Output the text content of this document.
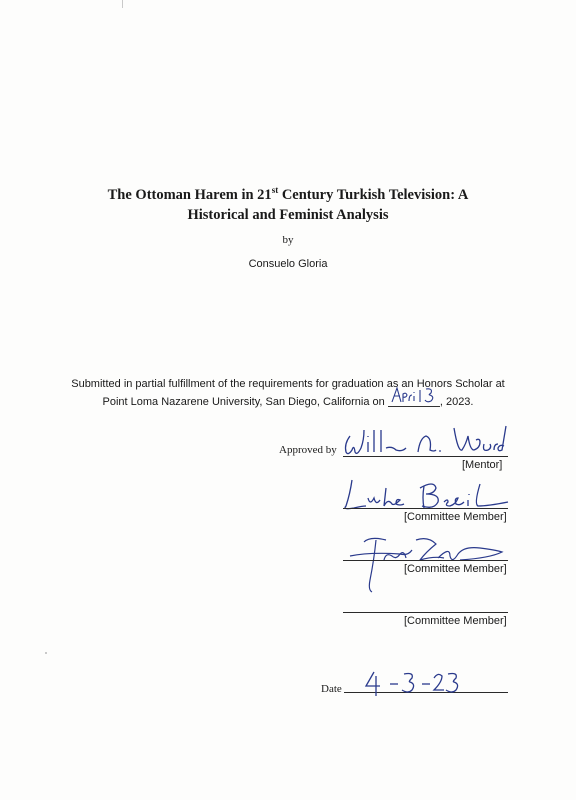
The Ottoman Harem in 21st Century Turkish Television: A
Historical and Feminist Analysis
by
Consuelo Gloria
Submitted in partial fulfillment of the requirements for graduation as an Honors Scholar at
Point Loma Nazarene University, San Diego, California on	, 2023.
Approved by
[Mentor]
[Committee Member]
[Committee Member]
[Committee Member]
Date
